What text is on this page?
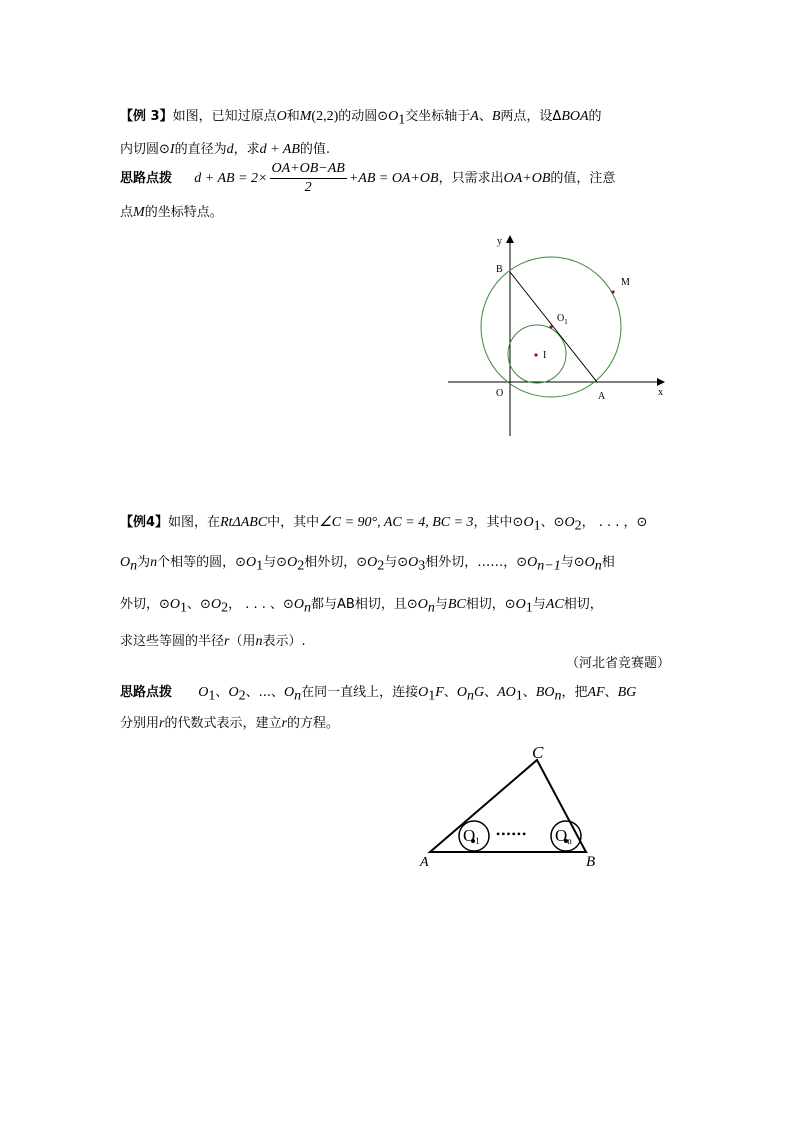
【例 3】如图，已知过原点O和M(2,2)的动圆$⊙O_1$交坐标轴于A、B两点，设ΔBOA的
内切圆⊙I的直径为d，求d + AB的值.
思路点拨 d + AB = $2\times \frac{OA+OB-AB}{2} +AB = OA+OB$，只需求出OA+OB的值，注意
点M的坐标特点。
y
x
B
M
$O_1$
I
O	A
【例4】如图，在RtΔABC中，其中∠C = 90°, AC = 4, BC = 3，其中$⊙O_1$、$⊙O_2$， . . . ，⊙
$O_n$为n个相等的圆，$⊙O_1$与$⊙O_2$相外切，$⊙O_2$与$⊙O_3$相外切，……，$⊙O_{n-1}$与$⊙O_n$相
外切，$⊙O_1$、$⊙O_2$， . . . 、$⊙O_n$都与AB相切，且$⊙O_n$与BC相切，$⊙O_1$与AC相切，
求这些等圆的半径r（用n表示）.
（河北省竞赛题）
思路点拨 $O_1$、$O_2$、...、$O_n$在同一直线上，连接$O_1F$、$O_nG$、$AO_1$、$BO_n$，把AF、BG
分别用r的代数式表示，建立r的方程。
C
A	B
O1	On
••••••
